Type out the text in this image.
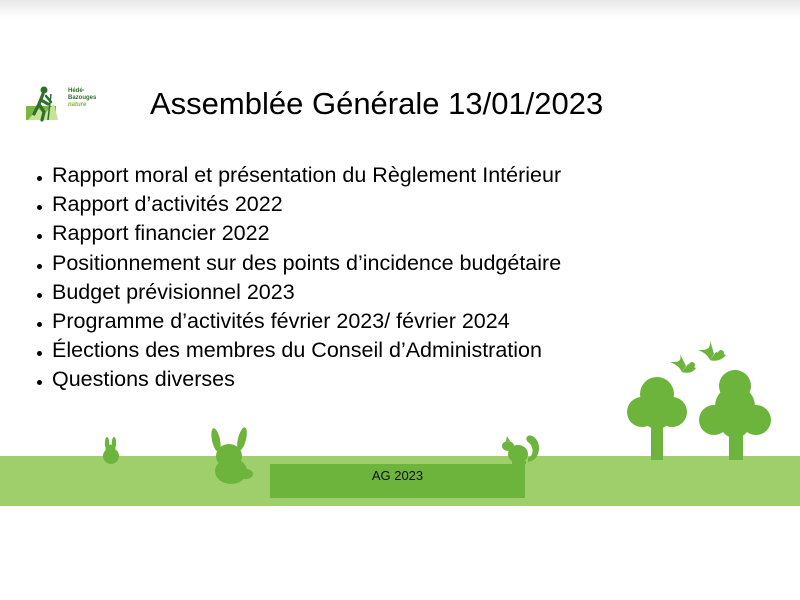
Hédé-
Bazouges
nature	Assemblée Générale 13/01/2023
Rapport moral et présentation du Règlement Intérieur
Rapport d’activités 2022
Rapport financier 2022
Positionnement sur des points d’incidence budgétaire
Budget prévisionnel 2023
Programme d’activités février 2023/ février 2024
Élections des membres du Conseil d’Administration
Questions diverses
AG 2023
